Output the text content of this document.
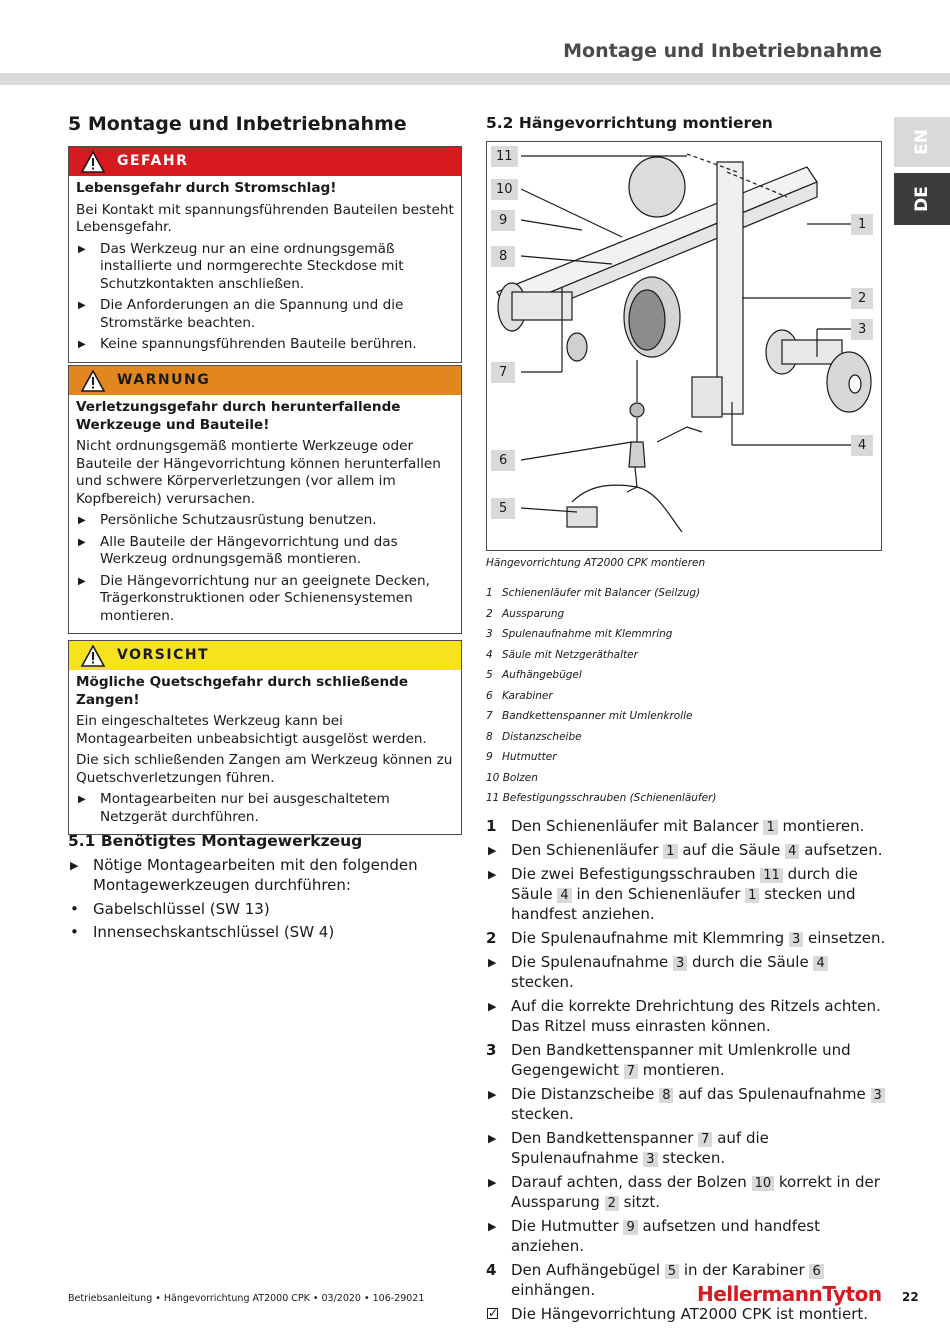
Montage und Inbetriebnahme
EN
DE
5 Montage und Inbetriebnahme
GEFAHR
Lebensgefahr durch Stromschlag!

Bei Kontakt mit spannungsführenden Bauteilen besteht Lebensgefahr.

▶ Das Werkzeug nur an eine ordnungsgemäß installierte und normgerechte Steckdose mit Schutzkontakten anschließen.
▶ Die Anforderungen an die Spannung und die Stromstärke beachten.
▶ Keine spannungsführenden Bauteile berühren.
WARNUNG
Verletzungsgefahr durch herunterfallende Werkzeuge und Bauteile!

Nicht ordnungsgemäß montierte Werkzeuge oder Bauteile der Hängevorrichtung können herunterfallen und schwere Körperverletzungen (vor allem im Kopfbereich) verursachen.

▶ Persönliche Schutzausrüstung benutzen.
▶ Alle Bauteile der Hängevorrichtung und das Werkzeug ordnungsgemäß montieren.
▶ Die Hängevorrichtung nur an geeignete Decken, Trägerkonstruktionen oder Schienensystemen montieren.
VORSICHT
Mögliche Quetschgefahr durch schließende Zangen!

Ein eingeschaltetes Werkzeug kann bei Montagearbeiten unbeabsichtigt ausgelöst werden.

Die sich schließenden Zangen am Werkzeug können zu Quetschverletzungen führen.

▶ Montagearbeiten nur bei ausgeschaltetem Netzgerät durchführen.
5.1 Benötigtes Montagewerkzeug
▶ Nötige Montagearbeiten mit den folgenden Montagewerkzeugen durchführen:
• Gabelschlüssel (SW 13)
• Innensechskantschlüssel (SW 4)
5.2 Hängevorrichtung montieren
11
10
9
8
7
6
5
1
2
3
4
Hängevorrichtung AT2000 CPK montieren
1 Schienenläufer mit Balancer (Seilzug)
2 Aussparung
3 Spulenaufnahme mit Klemmring
4 Säule mit Netzgeräthalter
5 Aufhängebügel
6 Karabiner
7 Bandkettenspanner mit Umlenkrolle
8 Distanzscheibe
9 Hutmutter
10 Bolzen
11 Befestigungsschrauben (Schienenläufer)
1 Den Schienenläufer mit Balancer 1 montieren.
▶ Den Schienenläufer 1 auf die Säule 4 aufsetzen.
▶ Die zwei Befestigungsschrauben 11 durch die Säule 4 in den Schienenläufer 1 stecken und handfest anziehen.
2 Die Spulenaufnahme mit Klemmring 3 einsetzen.
▶ Die Spulenaufnahme 3 durch die Säule 4 stecken.
▶ Auf die korrekte Drehrichtung des Ritzels achten. Das Ritzel muss einrasten können.
3 Den Bandkettenspanner mit Umlenkrolle und Gegengewicht 7 montieren.
▶ Die Distanzscheibe 8 auf das Spulenaufnahme 3 stecken.
▶ Den Bandkettenspanner 7 auf die Spulenaufnahme 3 stecken.
▶ Darauf achten, dass der Bolzen 10 korrekt in der Aussparung 2 sitzt.
▶ Die Hutmutter 9 aufsetzen und handfest anziehen.
4 Den Aufhängebügel 5 in der Karabiner 6 einhängen.
✓
Die Hängevorrichtung AT2000 CPK ist montiert.
Betriebsanleitung • Hängevorrichtung AT2000 CPK • 03/2020 • 106-29021	HellermannTyton 22
